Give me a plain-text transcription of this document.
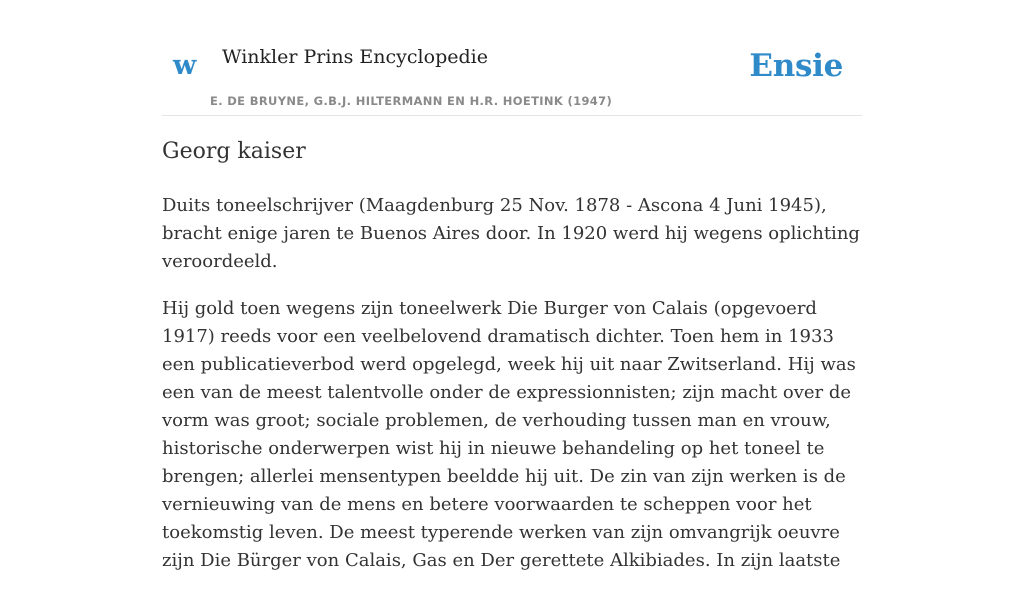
w Winkler Prins Encyclopedie
E. DE BRUYNE, G.B.J. HILTERMANN EN H.R. HOETINK (1947)
Ensie
Georg kaiser

Duits toneelschrijver (Maagdenburg 25 Nov. 1878 - Ascona 4 Juni 1945), bracht enige jaren te Buenos Aires door. In 1920 werd hij wegens oplichting veroordeeld.

Hij gold toen wegens zijn toneelwerk Die Burger von Calais (opgevoerd 1917) reeds voor een veelbelovend dramatisch dichter. Toen hem in 1933 een publicatieverbod werd opgelegd, week hij uit naar Zwitserland. Hij was een van de meest talentvolle onder de expressionnisten; zijn macht over de vorm was groot; sociale problemen, de verhouding tussen man en vrouw, historische onderwerpen wist hij in nieuwe behandeling op het toneel te brengen; allerlei mensentypen beeldde hij uit. De zin van zijn werken is de vernieuwing van de mens en betere voorwaarden te scheppen voor het toekomstig leven. De meest typerende werken van zijn omvangrijk oeuvre zijn Die Bürger von Calais, Gas en Der gerettete Alkibiades. In zijn laatste
